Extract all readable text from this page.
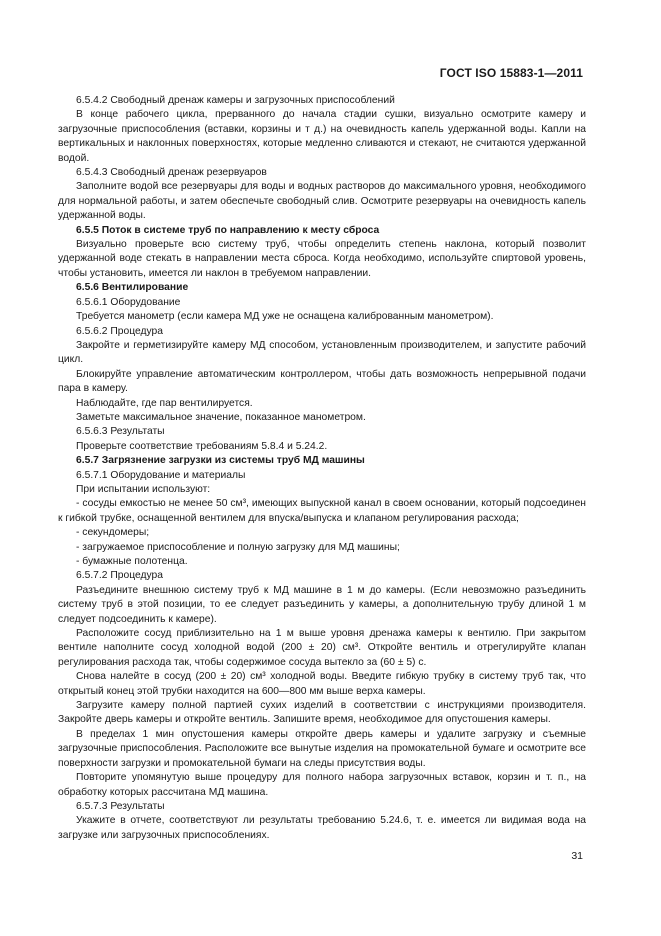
ГОСТ ISO 15883-1—2011

6.5.4.2 Свободный дренаж камеры и загрузочных приспособлений

В конце рабочего цикла, прерванного до начала стадии сушки, визуально осмотрите камеру и загрузочные приспособления (вставки, корзины и т д.) на очевидность капель удержанной воды. Капли на вертикальных и наклонных поверхностях, которые медленно сливаются и стекают, не считаются удержанной водой.

6.5.4.3 Свободный дренаж резервуаров

Заполните водой все резервуары для воды и водных растворов до максимального уровня, необходимого для нормальной работы, и затем обеспечьте свободный слив. Осмотрите резервуары на очевидность капель удержанной воды.

6.5.5 Поток в системе труб по направлению к месту сброса

Визуально проверьте всю систему труб, чтобы определить степень наклона, который позволит удержанной воде стекать в направлении места сброса. Когда необходимо, используйте спиртовой уровень, чтобы установить, имеется ли наклон в требуемом направлении.

6.5.6 Вентилирование

6.5.6.1 Оборудование

Требуется манометр (если камера МД уже не оснащена калиброванным манометром).

6.5.6.2 Процедура

Закройте и герметизируйте камеру МД способом, установленным производителем, и запустите рабочий цикл.

Блокируйте управление автоматическим контроллером, чтобы дать возможность непрерывной подачи пара в камеру.

Наблюдайте, где пар вентилируется.

Заметьте максимальное значение, показанное манометром.

6.5.6.3 Результаты

Проверьте соответствие требованиям 5.8.4 и 5.24.2.

6.5.7 Загрязнение загрузки из системы труб МД машины

6.5.7.1 Оборудование и материалы

При испытании используют:

- сосуды емкостью не менее 50 см³, имеющих выпускной канал в своем основании, который подсоединен к гибкой трубке, оснащенной вентилем для впуска/выпуска и клапаном регулирования расхода;

- секундомеры;

- загружаемое приспособление и полную загрузку для МД машины;

- бумажные полотенца.

6.5.7.2 Процедура

Разъедините внешнюю систему труб к МД машине в 1 м до камеры. (Если невозможно разъединить систему труб в этой позиции, то ее следует разъединить у камеры, а дополнительную трубу длиной 1 м следует подсоединить к камере).

Расположите сосуд приблизительно на 1 м выше уровня дренажа камеры к вентилю. При закрытом вентиле наполните сосуд холодной водой (200 ± 20) см³. Откройте вентиль и отрегулируйте клапан регулирования расхода так, чтобы содержимое сосуда вытекло за (60 ± 5) с.

Снова налейте в сосуд (200 ± 20) см³ холодной воды. Введите гибкую трубку в систему труб так, что открытый конец этой трубки находится на 600—800 мм выше верха камеры.

Загрузите камеру полной партией сухих изделий в соответствии с инструкциями производителя. Закройте дверь камеры и откройте вентиль. Запишите время, необходимое для опустошения камеры.

В пределах 1 мин опустошения камеры откройте дверь камеры и удалите загрузку и съемные загрузочные приспособления. Расположите все вынутые изделия на промокательной бумаге и осмотрите все поверхности загрузки и промокательной бумаги на следы присутствия воды.

Повторите упомянутую выше процедуру для полного набора загрузочных вставок, корзин и т. п., на обработку которых рассчитана МД машина.

6.5.7.3 Результаты

Укажите в отчете, соответствуют ли результаты требованию 5.24.6, т. е. имеется ли видимая вода на загрузке или загрузочных приспособлениях.

31
